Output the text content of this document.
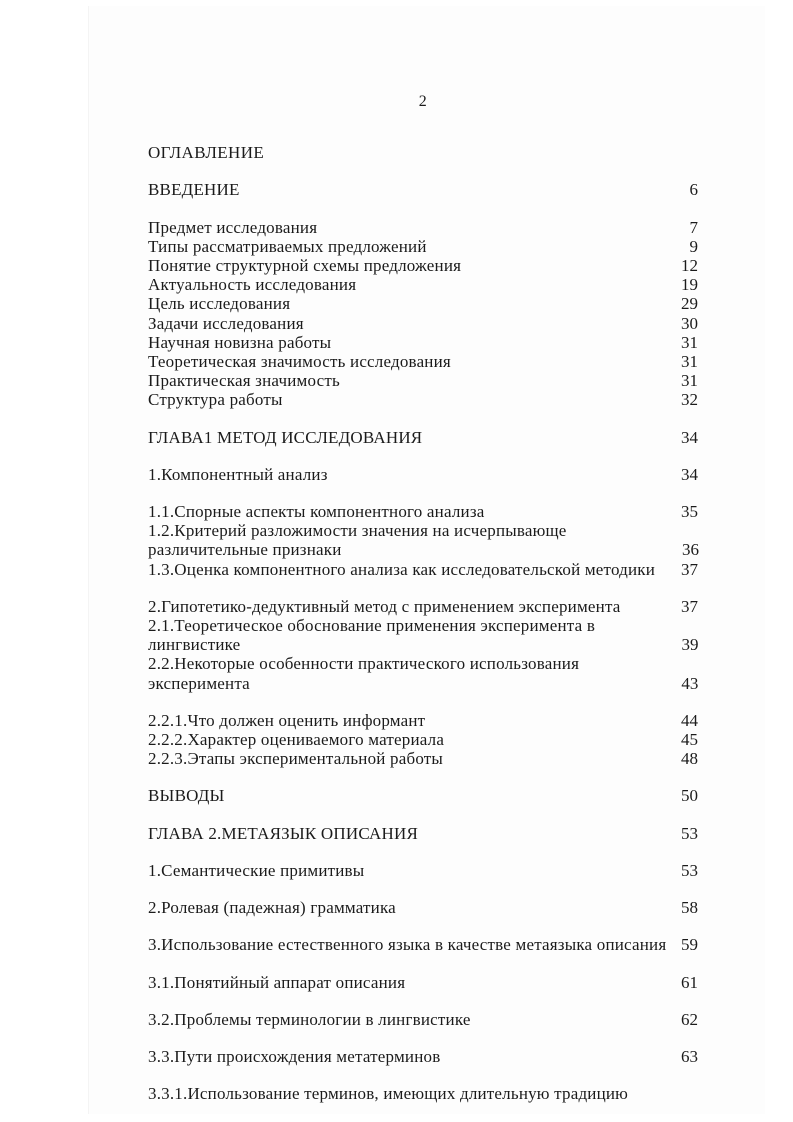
2
ОГЛАВЛЕНИЕ
ВВЕДЕНИЕ	6
Предмет исследования	7
Типы рассматриваемых предложений	9
Понятие структурной схемы предложения	12
Актуальность исследования	19
Цель исследования	29
Задачи исследования	30
Научная новизна работы	31
Теоретическая значимость исследования	31
Практическая значимость	31
Структура работы	32
ГЛАВА1 МЕТОД ИССЛЕДОВАНИЯ	34
1.Компонентный анализ	34
1.1.Спорные аспекты компонентного анализа	35
1.2.Критерий разложимости значения на исчерпывающе различительные признаки	36
1.3.Оценка компонентного анализа как исследовательской методики	37
2.Гипотетико-дедуктивный метод с применением эксперимента	37
2.1.Теоретическое обоснование применения эксперимента в лингвистике	39
2.2.Некоторые особенности практического использования эксперимента	43
2.2.1.Что должен оценить информант	44
2.2.2.Характер оцениваемого материала	45
2.2.3.Этапы экспериментальной работы	48
ВЫВОДЫ	50
ГЛАВА 2.МЕТАЯЗЫК ОПИСАНИЯ	53
1.Семантические примитивы	53
2.Ролевая (падежная) грамматика	58
3.Использование естественного языка в качестве метаязыка описания 59
3.1.Понятийный аппарат описания	61
3.2.Проблемы терминологии в лингвистике	62
3.3.Пути происхождения метатерминов	63
3.3.1.Использование терминов, имеющих длительную традицию
